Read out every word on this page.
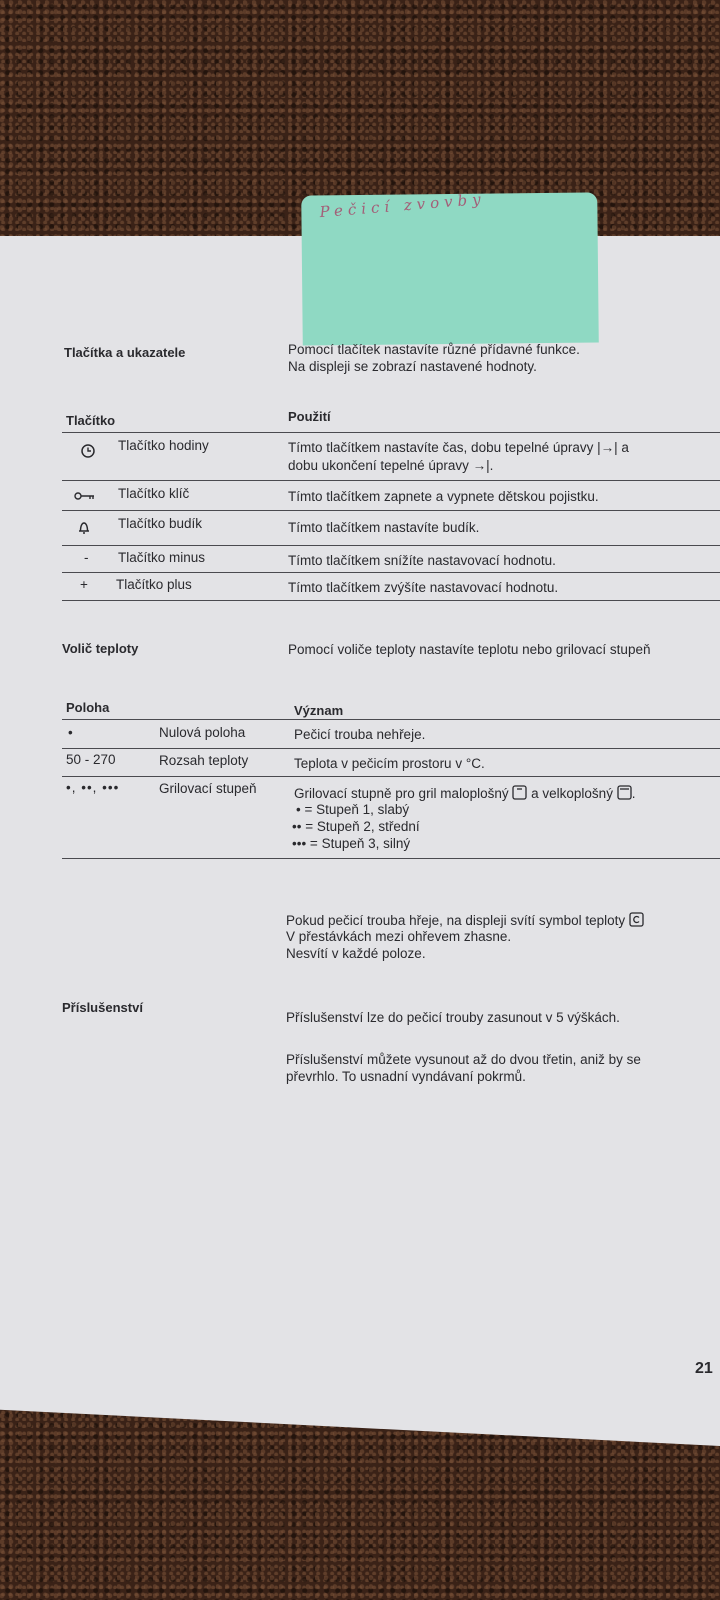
Pečicí zvovby
Tlačítka a ukazatele	Pomocí tlačítek nastavíte různé přídavné funkce.
Na displeji se zobrazí nastavené hodnoty.
Tlačítko	Použití
Tlačítko hodiny	Tímto tlačítkem nastavíte čas, dobu tepelné úpravy |→| a
dobu ukončení tepelné úpravy →|.
Tlačítko klíč	Tímto tlačítkem zapnete a vypnete dětskou pojistku.
Tlačítko budík	Tímto tlačítkem nastavíte budík.
- Tlačítko minus	Tímto tlačítkem snížíte nastavovací hodnotu.
+ Tlačítko plus	Tímto tlačítkem zvýšíte nastavovací hodnotu.
Volič teploty	Pomocí voliče teploty nastavíte teplotu nebo grilovací stupeň
Poloha	Význam
•	Nulová poloha	Pečicí trouba nehřeje.
50 - 270	Rozsah teploty	Teplota v pečicím prostoru v °C.
•, ••, •••	Grilovací stupeň	Grilovací stupně pro gril maloplošný a velkoplošný .
• = Stupeň 1, slabý
•• = Stupeň 2, střední
••• = Stupeň 3, silný
Pokud pečicí trouba hřeje, na displeji svítí symbol teploty
V přestávkách mezi ohřevem zhasne.
Nesvítí v každé poloze.
Příslušenství
Příslušenství lze do pečicí trouby zasunout v 5 výškách.
Příslušenství můžete vysunout až do dvou třetin, aniž by se
převrhlo. To usnadní vyndávaní pokrmů.
21
